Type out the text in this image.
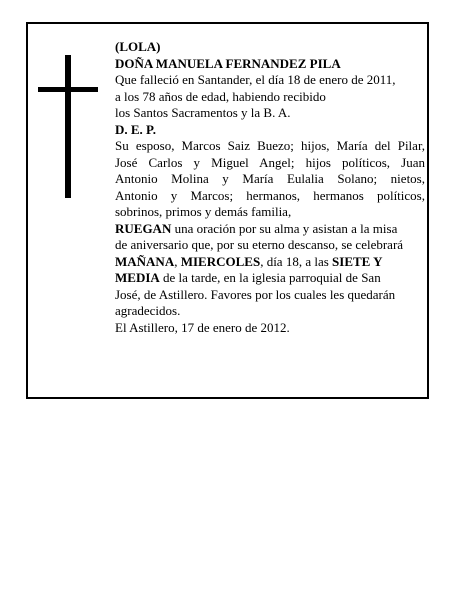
(LOLA)
DOÑA MANUELA FERNANDEZ PILA
Que falleció en Santander, el día 18 de enero de 2011,
a los 78 años de edad, habiendo recibido
los Santos Sacramentos y la B. A.
D. E. P.
Su esposo, Marcos Saiz Buezo; hijos, María del Pilar,
José Carlos y Miguel Angel; hijos políticos, Juan
Antonio Molina y María Eulalia Solano; nietos,
Antonio y Marcos; hermanos, hermanos políticos,
sobrinos, primos y demás familia,
RUEGAN una oración por su alma y asistan a la misa
de aniversario que, por su eterno descanso, se celebrará
MAÑANA, MIERCOLES, día 18, a las SIETE Y
MEDIA de la tarde, en la iglesia parroquial de San
José, de Astillero. Favores por los cuales les quedarán
agradecidos.
El Astillero, 17 de enero de 2012.
